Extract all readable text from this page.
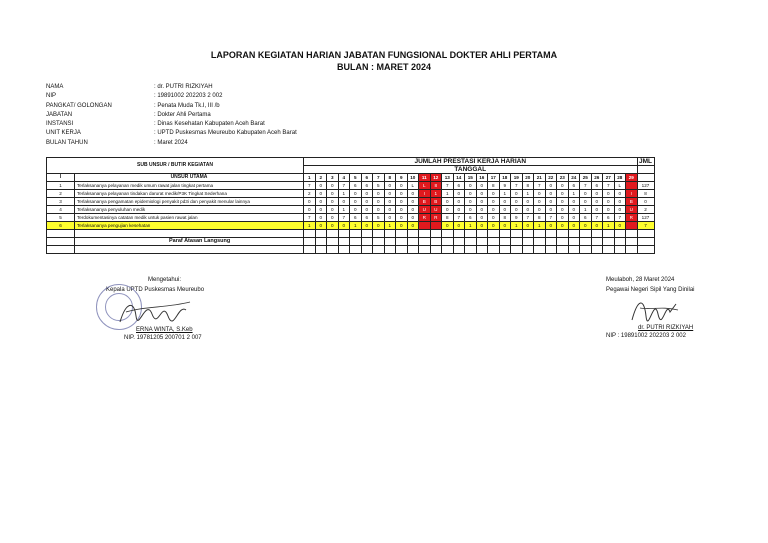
LAPORAN KEGIATAN HARIAN JABATAN FUNGSIONAL DOKTER AHLI PERTAMA
BULAN : MARET 2024
NAMA	: dr. PUTRI RIZKIYAH
NIP	: 19891002 202203 2 002
PANGKAT/ GOLONGAN	: Penata Muda Tk.I, III /b
JABATAN	: Dokter Ahli Pertama
INSTANSI	: Dinas Kesehatan Kabupaten Aceh Barat
UNIT KERJA	: UPTD Puskesmas Meureubo Kabupaten Aceh Barat
BULAN TAHUN	: Maret 2024
SUB UNSUR / BUTIR KEGIATAN		JUMLAH PRESTASI KERJA HARIAN																													JML
		TANGGAL																													
I	UNSUR UTAMA	1	2	3	4	5	6	7	8	9	10	11	12	13	14	15	16	17	18	19	20	21	22	23	24	25	26	27	28	29	
1	Terlaksananya pelayanan medik umum rawat jalan tingkat pertama	7	0	0	7	6	6	5	0	0	L	L	8	7	6	0	0	8	9	7	8	7	0	0	6	7	6	7	L		127
2	Terlaksananya pelayanan tindakan darurat medik/P3K Tingkat Sederhana	2	0	0	1	0	0	0	0	0	0	I	1	1	0	0	0	0	1	0	1	0	0	0	1	0	0	0	0	I	8
3	Terlaksananya pengamatan epidemiologi penyakit pd3i dan penyakit menular lainnya	0	0	0	0	0	0	0	0	0	0	B	B	0	0	0	0	0	0	0	0	0	0	0	0	0	0	0	0	B	0
4	Terlaksananya penyuluhan medik	0	0	0	1	0	0	0	0	0	0	U	U	0	0	0	0	0	0	0	0	0	0	0	0	1	0	0	0	U	2
5	Terdokumentasinya catatan medik untuk pasien rawat jalan	7	0	0	7	6	6	5	0	0	0	R	R	8	7	6	0	0	8	9	7	8	7	0	0	6	7	6	7	R	127
6	Terlaksananya pengujian kesehatan	1	0	0	0	1	0	0	1	0	0			0	0	1	0	0	0	1	0	1	0	0	0	0	0	1	0		7

	Paraf Atasan Langsung																														

Mengetahui:
Kepala UPTD Puskesmas Meureubo
ERNA WINTA, S.Keb
NIP. 19781205 200701 2 007
Meulaboh, 28 Maret 2024
Pegawai Negeri Sipil Yang Dinilai
dr. PUTRI RIZKIYAH
NIP : 19891002 202203 2 002
